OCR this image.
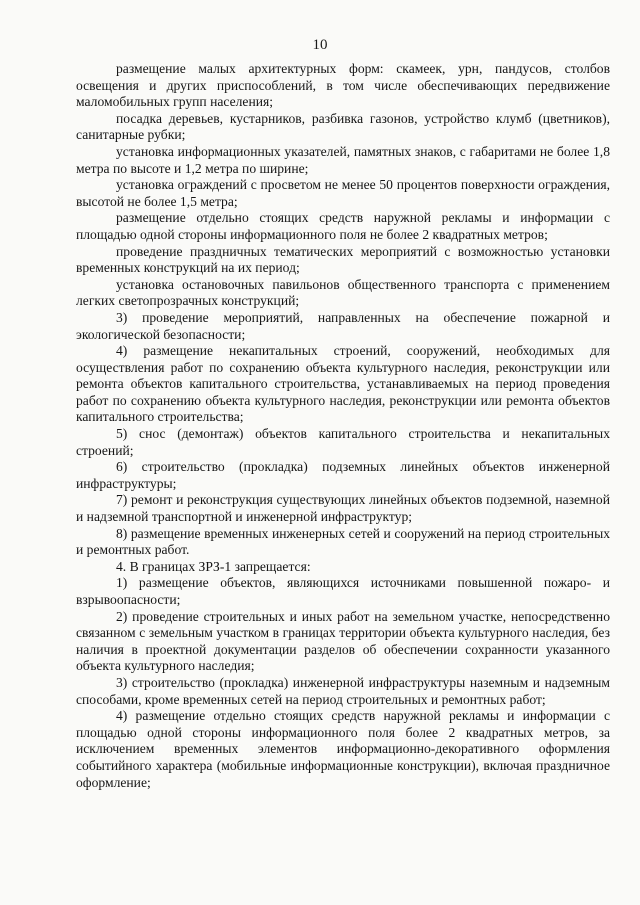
10

размещение малых архитектурных форм: скамеек, урн, пандусов, столбов освещения и других приспособлений, в том числе обеспечивающих передвижение маломобильных групп населения;

посадка деревьев, кустарников, разбивка газонов, устройство клумб (цветников), санитарные рубки;

установка информационных указателей, памятных знаков, с габаритами не более 1,8 метра по высоте и 1,2 метра по ширине;

установка ограждений с просветом не менее 50 процентов поверхности ограждения, высотой не более 1,5 метра;

размещение отдельно стоящих средств наружной рекламы и информации с площадью одной стороны информационного поля не более 2 квадратных метров;

проведение праздничных тематических мероприятий с возможностью установки временных конструкций на их период;

установка остановочных павильонов общественного транспорта с применением легких светопрозрачных конструкций;

3) проведение мероприятий, направленных на обеспечение пожарной и экологической безопасности;

4) размещение некапитальных строений, сооружений, необходимых для осуществления работ по сохранению объекта культурного наследия, реконструкции или ремонта объектов капитального строительства, устанавливаемых на период проведения работ по сохранению объекта культурного наследия, реконструкции или ремонта объектов капитального строительства;

5) снос (демонтаж) объектов капитального строительства и некапитальных строений;

6) строительство (прокладка) подземных линейных объектов инженерной инфраструктуры;

7) ремонт и реконструкция существующих линейных объектов подземной, наземной и надземной транспортной и инженерной инфраструктур;

8) размещение временных инженерных сетей и сооружений на период строительных и ремонтных работ.

4. В границах ЗРЗ-1 запрещается:

1) размещение объектов, являющихся источниками повышенной пожаро- и взрывоопасности;

2) проведение строительных и иных работ на земельном участке, непосредственно связанном с земельным участком в границах территории объекта культурного наследия, без наличия в проектной документации разделов об обеспечении сохранности указанного объекта культурного наследия;

3) строительство (прокладка) инженерной инфраструктуры наземным и надземным способами, кроме временных сетей на период строительных и ремонтных работ;

4) размещение отдельно стоящих средств наружной рекламы и информации с площадью одной стороны информационного поля более 2 квадратных метров, за исключением временных элементов информационно-декоративного оформления событийного характера (мобильные информационные конструкции), включая праздничное оформление;
